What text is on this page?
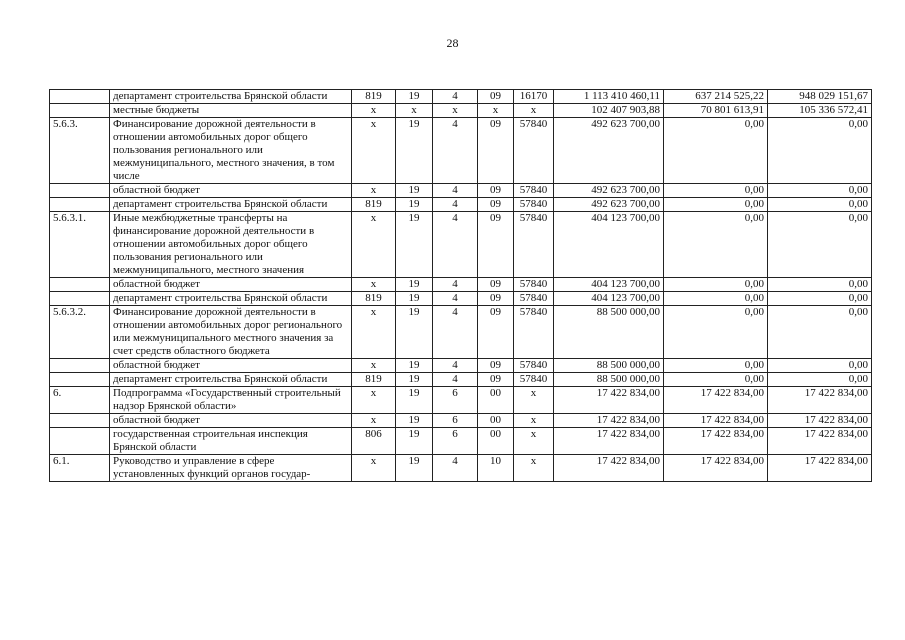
28
	департамент строительства Брянской области	819	19	4	09	16170	1 113 410 460,11	637 214 525,22	948 029 151,67
	местные бюджеты	х	х	х	х	х	102 407 903,88	70 801 613,91	105 336 572,41
5.6.3.	Финансирование дорожной деятельности в отношении автомобильных дорог общего пользования регионального или межмуниципального, местного значения, в том числе	х	19	4	09	57840	492 623 700,00	0,00	0,00
	областной бюджет	х	19	4	09	57840	492 623 700,00	0,00	0,00
	департамент строительства Брянской области	819	19	4	09	57840	492 623 700,00	0,00	0,00
5.6.3.1.	Иные межбюджетные трансферты на финансирование дорожной деятельности в отношении автомобильных дорог общего пользования регионального или межмуниципального, местного значения	х	19	4	09	57840	404 123 700,00	0,00	0,00
	областной бюджет	х	19	4	09	57840	404 123 700,00	0,00	0,00
	департамент строительства Брянской области	819	19	4	09	57840	404 123 700,00	0,00	0,00
5.6.3.2.	Финансирование дорожной деятельности в отношении автомобильных дорог регионального или межмуниципального местного значения за счет средств областного бюджета	х	19	4	09	57840	88 500 000,00	0,00	0,00
	областной бюджет	х	19	4	09	57840	88 500 000,00	0,00	0,00
	департамент строительства Брянской области	819	19	4	09	57840	88 500 000,00	0,00	0,00
6.	Подпрограмма «Государственный строительный надзор Брянской области»	х	19	6	00	х	17 422 834,00	17 422 834,00	17 422 834,00
	областной бюджет	х	19	6	00	х	17 422 834,00	17 422 834,00	17 422 834,00
	государственная строительная инспекция Брянской области	806	19	6	00	х	17 422 834,00	17 422 834,00	17 422 834,00
6.1.	Руководство и управление в сфере установленных функций органов государ-	х	19	4	10	х	17 422 834,00	17 422 834,00	17 422 834,00
